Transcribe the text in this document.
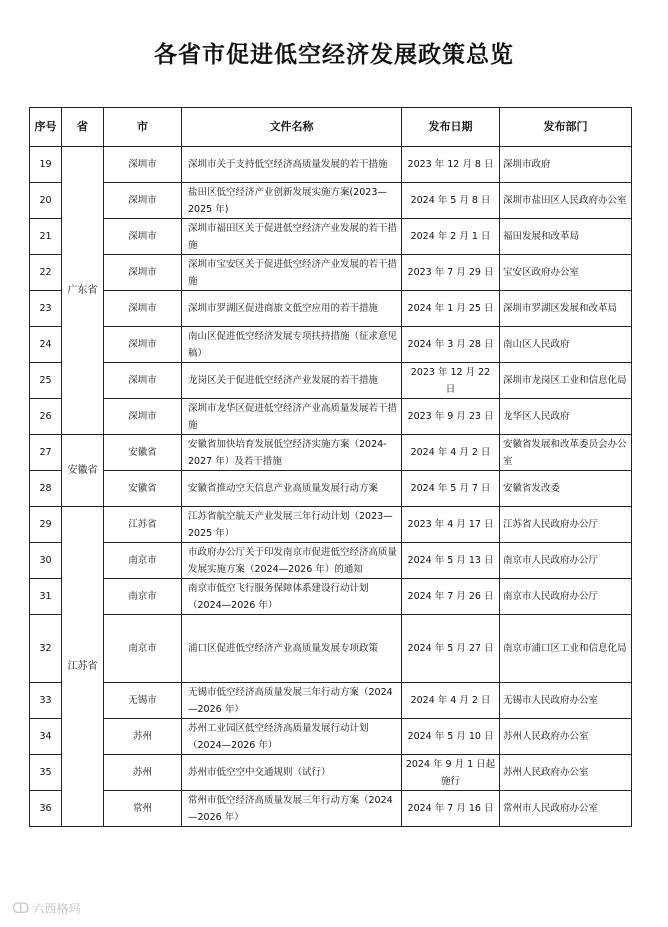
各省市促进低空经济发展政策总览
序号	省	市	文件名称	发布日期	发布部门
19	广东省	深圳市	深圳市关于支持低空经济高质量发展的若干措施	2023 年 12 月 8 日	深圳市政府
20		深圳市	盐田区低空经济产业创新发展实施方案(2023—2025 年)	2024 年 5 月 8 日	深圳市盐田区人民政府办公室
21		深圳市	深圳市福田区关于促进低空经济产业发展的若干措施	2024 年 2 月 1 日	福田发展和改革局
22		深圳市	深圳市宝安区关于促进低空经济产业发展的若干措施	2023 年 7 月 29 日	宝安区政府办公室
23		深圳市	深圳市罗湖区促进商旅文低空应用的若干措施	2024 年 1 月 25 日	深圳市罗湖区发展和改革局
24		深圳市	南山区促进低空经济发展专项扶持措施（征求意见稿）	2024 年 3 月 28 日	南山区人民政府
25		深圳市	龙岗区关于促进低空经济产业发展的若干措施	2023 年 12 月 22 日	深圳市龙岗区工业和信息化局
26		深圳市	深圳市龙华区促进低空经济产业高质量发展若干措施	2023 年 9 月 23 日	龙华区人民政府
27	安徽省	安徽省	安徽省加快培育发展低空经济实施方案（2024-2027 年）及若干措施	2024 年 4 月 2 日	安徽省发展和改革委员会办公室
28		安徽省	安徽省推动空天信息产业高质量发展行动方案	2024 年 5 月 7 日	安徽省发改委
29	江苏省	江苏省	江苏省航空航天产业发展三年行动计划（2023—2025 年）	2023 年 4 月 17 日	江苏省人民政府办公厅
30		南京市	市政府办公厅关于印发南京市促进低空经济高质量发展实施方案（2024—2026 年）的通知	2024 年 5 月 13 日	南京市人民政府办公厅
31		南京市	南京市低空飞行服务保障体系建设行动计划（2024—2026 年）	2024 年 7 月 26 日	南京市人民政府办公厅
32		南京市	浦口区促进低空经济产业高质量发展专项政策	2024 年 5 月 27 日	南京市浦口区工业和信息化局
33		无锡市	无锡市低空经济高质量发展三年行动方案（2024—2026 年）	2024 年 4 月 2 日	无锡市人民政府办公室
34		苏州	苏州工业园区低空经济高质量发展行动计划（2024—2026 年）	2024 年 5 月 10 日	苏州人民政府办公室
35		苏州	苏州市低空空中交通规则（试行）	2024 年 9 月 1 日起施行	苏州人民政府办公室
36		常州	常州市低空经济高质量发展三年行动方案（2024—2026 年）	2024 年 7 月 16 日	常州市人民政府办公室
ↀ 六西格玛
